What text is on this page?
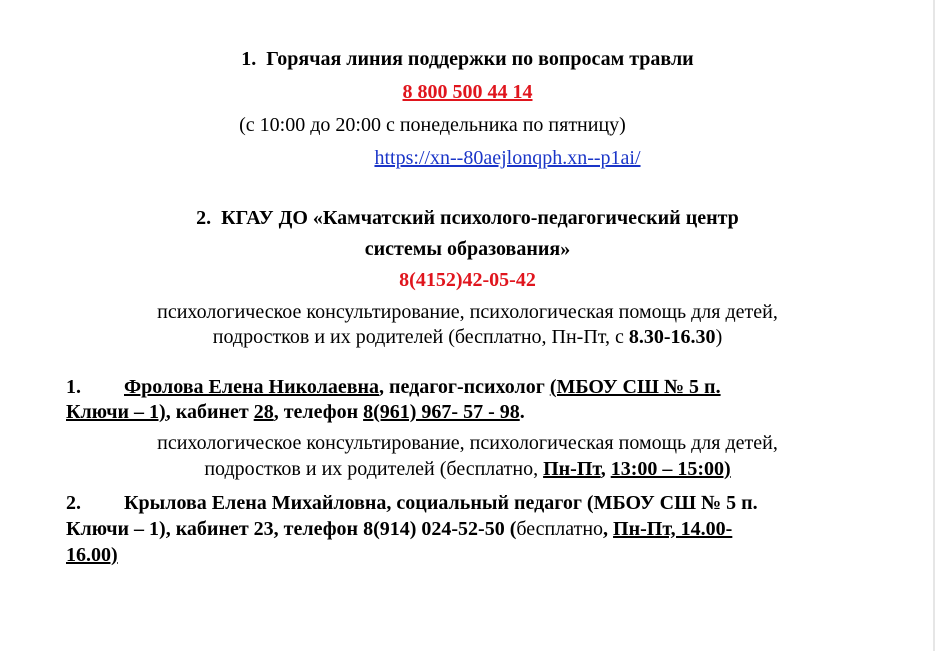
1. Горячая линия поддержки по вопросам травли
8 800 500 44 14
(с 10:00 до 20:00 с понедельника по пятницу)
https://xn--80aejlonqph.xn--p1ai/
2. КГАУ ДО «Камчатский психолого-педагогический центр
системы образования»
8(4152)42-05-42
психологическое консультирование, психологическая помощь для детей,
подростков и их родителей (бесплатно, Пн-Пт, с 8.30-16.30)
1. Фролова Елена Николаевна, педагог-психолог (МБОУ СШ № 5 п.
Ключи – 1), кабинет 28, телефон 8(961) 967- 57 - 98.
психологическое консультирование, психологическая помощь для детей,
подростков и их родителей (бесплатно, Пн-Пт, 13:00 – 15:00)
2. Крылова Елена Михайловна, социальный педагог (МБОУ СШ № 5 п.
Ключи – 1), кабинет 23, телефон 8(914) 024-52-50 (бесплатно, Пн-Пт, 14.00-
16.00)
